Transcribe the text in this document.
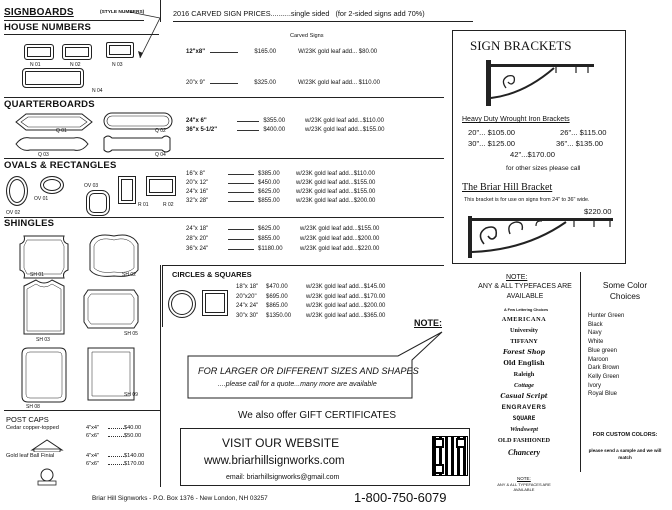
SIGNBOARDS	(STYLE NUMBERS)	2016 CARVED SIGN PRICES..........single sided (for 2-sided signs add 70%)
HOUSE NUMBERS
N 01	N 02	N 03
N 04
Carved Signs
12"x8"	$165.00	W/23K gold leaf add... $80.00
20"x 9"	$325.00	W/23K gold leaf add... $110.00
QUARTERBOARDS
Q 01	Q 02
Q 03	Q 04
24"x 6"	$355.00	w/23K gold leaf add...$110.00
36"x 5-1/2"	$400.00	w/23K gold leaf add...$155.00
OVALS & RECTANGLES
OV 01
OV 02
OV 03
R 01	R 02
16"x 8"	$385.00	w/23K gold leaf add...$110.00
20"x 12"	$450.00	w/23K gold leaf add...$155.00
24"x 16"	$625.00	w/23K gold leaf add...$155.00
32"x 28"	$855.00	w/23K gold leaf add...$200.00
SHINGLES
SH 01	SH 02
SH 03
SH 05
SH 08
SH 09
24"x 18"	$625.00	w/23K gold leaf add...$155.00
28"x 20"	$855.00	w/23K gold leaf add...$200.00
36"x 24"	$1180.00	w/23K gold leaf add...$220.00
CIRCLES & SQUARES
18"x 18" $470.00	w/23K gold leaf add...$145.00
20"x20" $695.00	w/23K gold leaf add...$170.00
24"x 24" $865.00	w/23K gold leaf add...$200.00
30"x 30" $1350.00 w/23K gold leaf add...$365.00
NOTE:
FOR LARGER OR DIFFERENT SIZES AND SHAPES
....please call for a quote...many more are available
We also offer GIFT CERTIFICATES
POST CAPS
Cedar copper-topped	4"x4"	$40.00
6"x6"	$50.00
Gold leaf Ball Finial	4"x4"	$140.00
6"x6"	$170.00
VISIT OUR WEBSITE
www.briarhillsignworks.com
email: briarhillsignworks@gmail.com
SIGN BRACKETS
Heavy Duty Wrought Iron Brackets
20"... $105.00	26"... $115.00
30"... $125.00	36"... $135.00
42"...$170.00
for other sizes please call
The Briar Hill Bracket
This bracket is for use on signs from 24" to 36" wide.
$220.00
NOTE:
ANY & ALL TYPEFACES ARE AVAILABLE
A Few Lettering Choices
AMERICANA
University
TIFFANY
Forest Shop
Old English
Raleigh
Cottage
Casual Script
ENGRAVERS
SQUARE
Windswept
OLD FASHIONED
Chancery
NOTE:
ANY & ALL TYPEFACES ARE AVAILABLE
Some Color Choices
Hunter Green
Black
Navy
White
Blue green
Maroon
Dark Brown
Kelly Green
Ivory
Royal Blue
FOR CUSTOM COLORS:
please send a sample and we will match
Briar Hill Signworks - P.O. Box 1376 - New London, NH 03257	1-800-750-6079
